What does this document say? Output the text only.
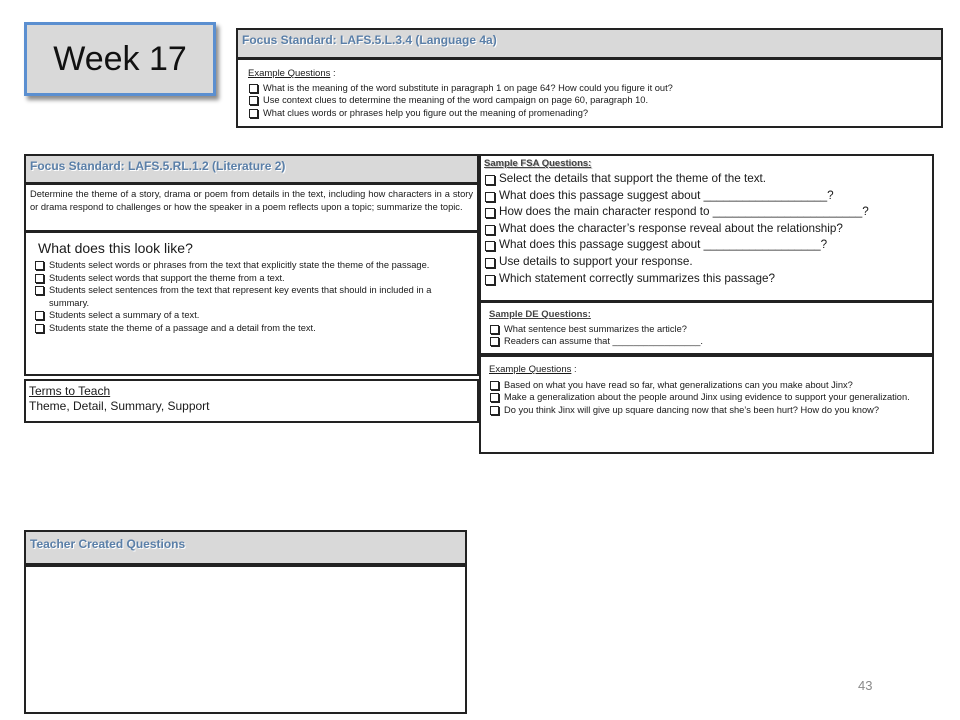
Week 17	Focus Standard: LAFS.5.L.3.4 (Language 4a)
Example Questions :
What is the meaning of the word substitute in paragraph 1 on page 64? How could you figure it out?
Use context clues to determine the meaning of the word campaign on page 60, paragraph 10.
What clues words or phrases help you figure out the meaning of promenading?
Focus Standard: LAFS.5.RL.1.2 (Literature 2)
Determine the theme of a story, drama or poem from details in the text, including how characters in a story or drama respond to challenges or how the speaker in a poem reflects upon a topic; summarize the topic.
What does this look like?
Students select words or phrases from the text that explicitly state the theme of the passage.
Students select words that support the theme from a text.
Students select sentences from the text that represent key events that should in included in a summary.
Students select a summary of a text.
Students state the theme of a passage and a detail from the text.
Terms to Teach
Theme, Detail, Summary, Support
Sample FSA Questions:
Select the details that support the theme of the text.
What does this passage suggest about ___________________?
How does the main character respond to _______________________?
What does the character’s response reveal about the relationship?
What does this passage suggest about __________________?
Use details to support your response.
Which statement correctly summarizes this passage?
Sample DE Questions:
What sentence best summarizes the article?
Readers can assume that _________________.
Example Questions :
Based on what you have read so far, what generalizations can you make about Jinx?
Make a generalization about the people around Jinx using evidence to support your generalization.
Do you think Jinx will give up square dancing now that she’s been hurt? How do you know?
Teacher Created Questions
43
